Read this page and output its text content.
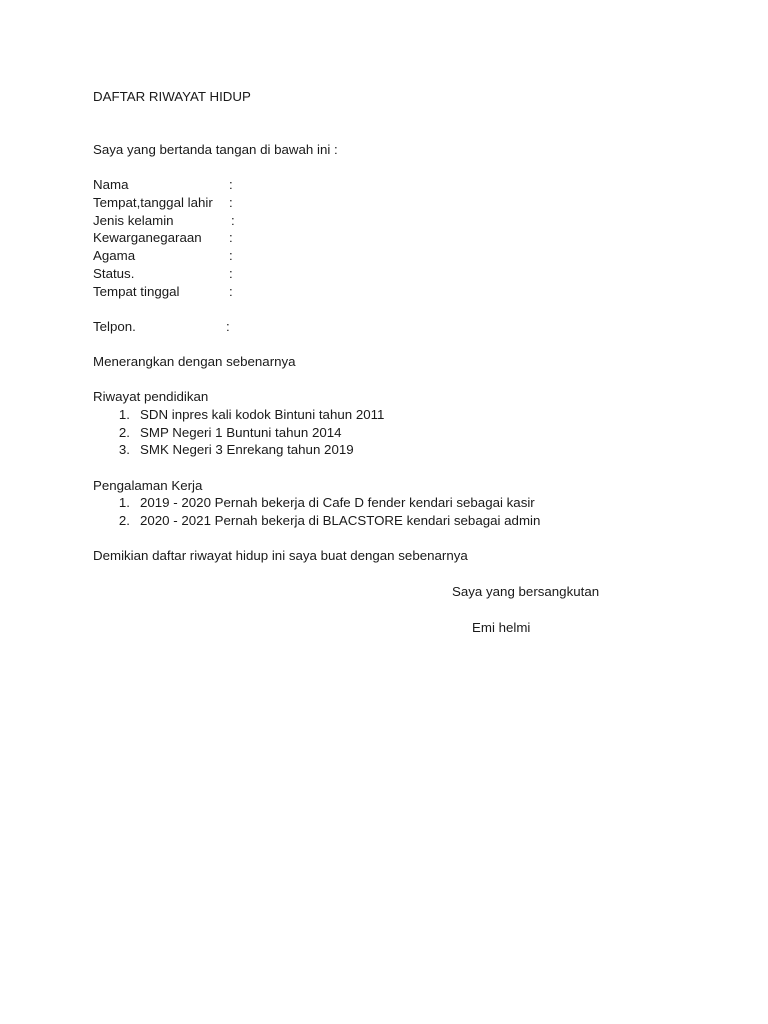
DAFTAR RIWAYAT HIDUP
Saya yang bertanda tangan di bawah ini :
Nama	:
Tempat,tanggal lahir :
Jenis kelamin	:
Kewarganegaraan :
Agama	:
Status.	:
Tempat tinggal	:
Telpon.	:
Menerangkan dengan sebenarnya
Riwayat pendidikan
1. SDN inpres kali kodok Bintuni tahun 2011
2. SMP Negeri 1 Buntuni tahun 2014
3. SMK Negeri 3 Enrekang tahun 2019
Pengalaman Kerja
1. 2019 - 2020 Pernah bekerja di Cafe D fender kendari sebagai kasir
2. 2020 - 2021 Pernah bekerja di BLACSTORE kendari sebagai admin
Demikian daftar riwayat hidup ini saya buat dengan sebenarnya
Saya yang bersangkutan
Emi helmi
